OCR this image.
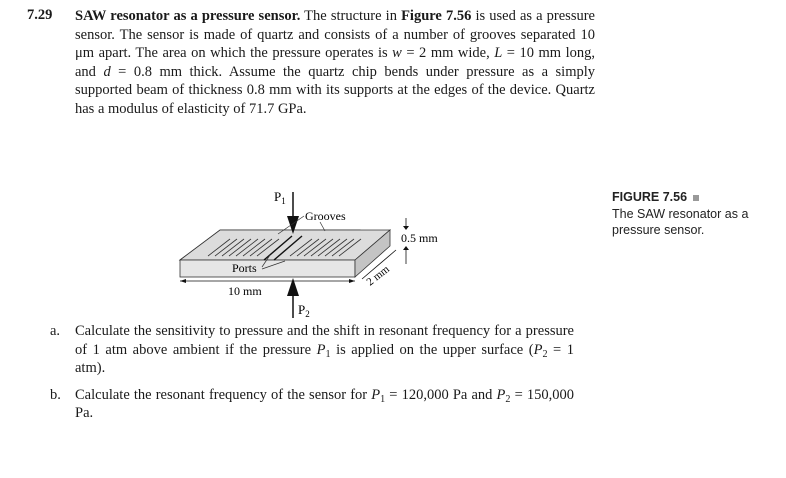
7.29 SAW resonator as a pressure sensor. The structure in Figure 7.56 is used as a pressure sensor. The sensor is made of quartz and consists of a number of grooves separated 10 μm apart. The area on which the pressure operates is w = 2 mm wide, L = 10 mm long, and d = 0.8 mm thick. Assume the quartz chip bends under pressure as a simply supported beam of thickness 0.8 mm with its supports at the edges of the device. Quartz has a modulus of elasticity of 71.7 GPa.
$P_1$
Grooves
Ports
0.5 mm
2 mm
10 mm
$P_2$
FIGURE 7.56
The SAW resonator as a pressure sensor.
a.	Calculate the sensitivity to pressure and the shift in resonant frequency for a pressure of 1 atm above ambient if the pressure $P_1$ is applied on the upper surface ($P_2 = 1$ atm).
b. Calculate the resonant frequency of the sensor for $P_1 = 120,000$ Pa and $P_2 = 150,000$ Pa.
